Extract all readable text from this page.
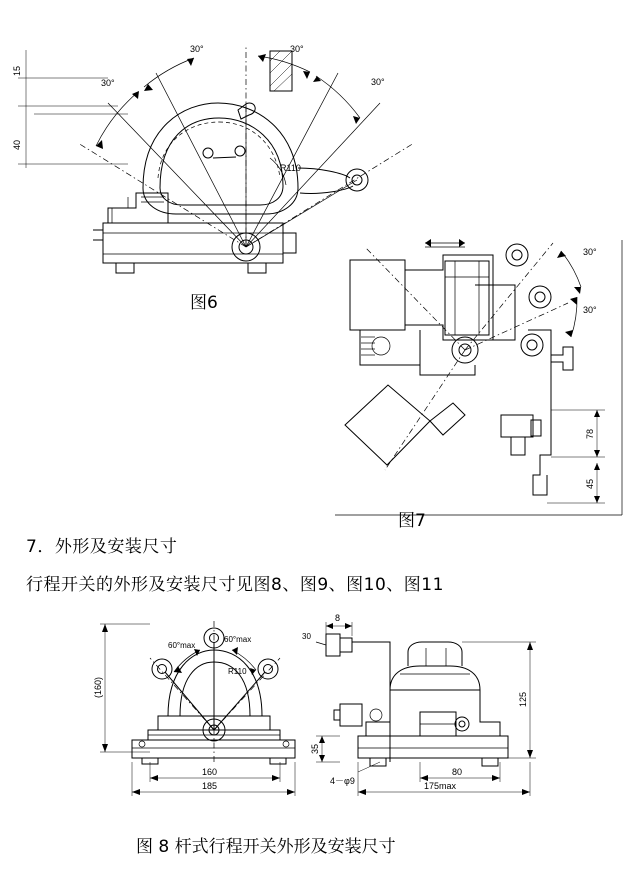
15
40
30°
30°	30°
30°
R110
图6
30°
30°
78
45
图7
7．外形及安装尺寸
行程开关的外形及安装尺寸见图8、图9、图10、图11
(160)
60°max
60°max
R110
160
185
8
30
125
35
4－φ9
80
175max
图 8 杆式行程开关外形及安装尺寸
